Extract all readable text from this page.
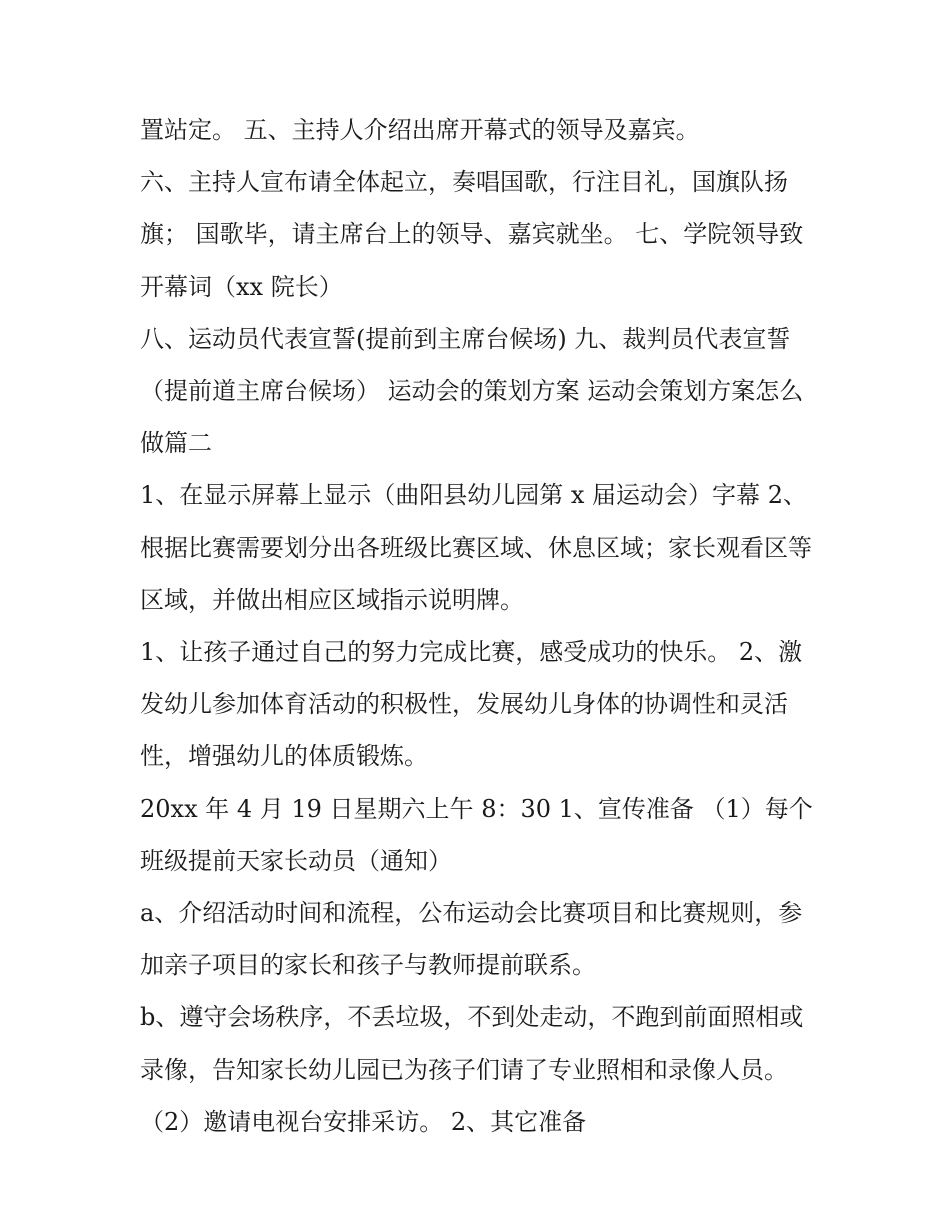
置站定。 五、主持人介绍出席开幕式的领导及嘉宾。

六、主持人宣布请全体起立，奏唱国歌，行注目礼，国旗队扬旗； 国歌毕，请主席台上的领导、嘉宾就坐。 七、学院领导致开幕词（xx 院长）

八、运动员代表宣誓(提前到主席台候场) 九、裁判员代表宣誓（提前道主席台候场） 运动会的策划方案 运动会策划方案怎么做篇二

1、在显示屏幕上显示（曲阳县幼儿园第 x 届运动会）字幕 2、根据比赛需要划分出各班级比赛区域、休息区域；家长观看区等区域，并做出相应区域指示说明牌。

1、让孩子通过自己的努力完成比赛，感受成功的快乐。 2、激发幼儿参加体育活动的积极性，发展幼儿身体的协调性和灵活性，增强幼儿的体质锻炼。

20xx 年 4 月 19 日星期六上午 8：30 1、宣传准备 （1）每个班级提前天家长动员（通知）

a、介绍活动时间和流程，公布运动会比赛项目和比赛规则，参加亲子项目的家长和孩子与教师提前联系。

b、遵守会场秩序，不丢垃圾，不到处走动，不跑到前面照相或录像，告知家长幼儿园已为孩子们请了专业照相和录像人员。 （2）邀请电视台安排采访。 2、其它准备
